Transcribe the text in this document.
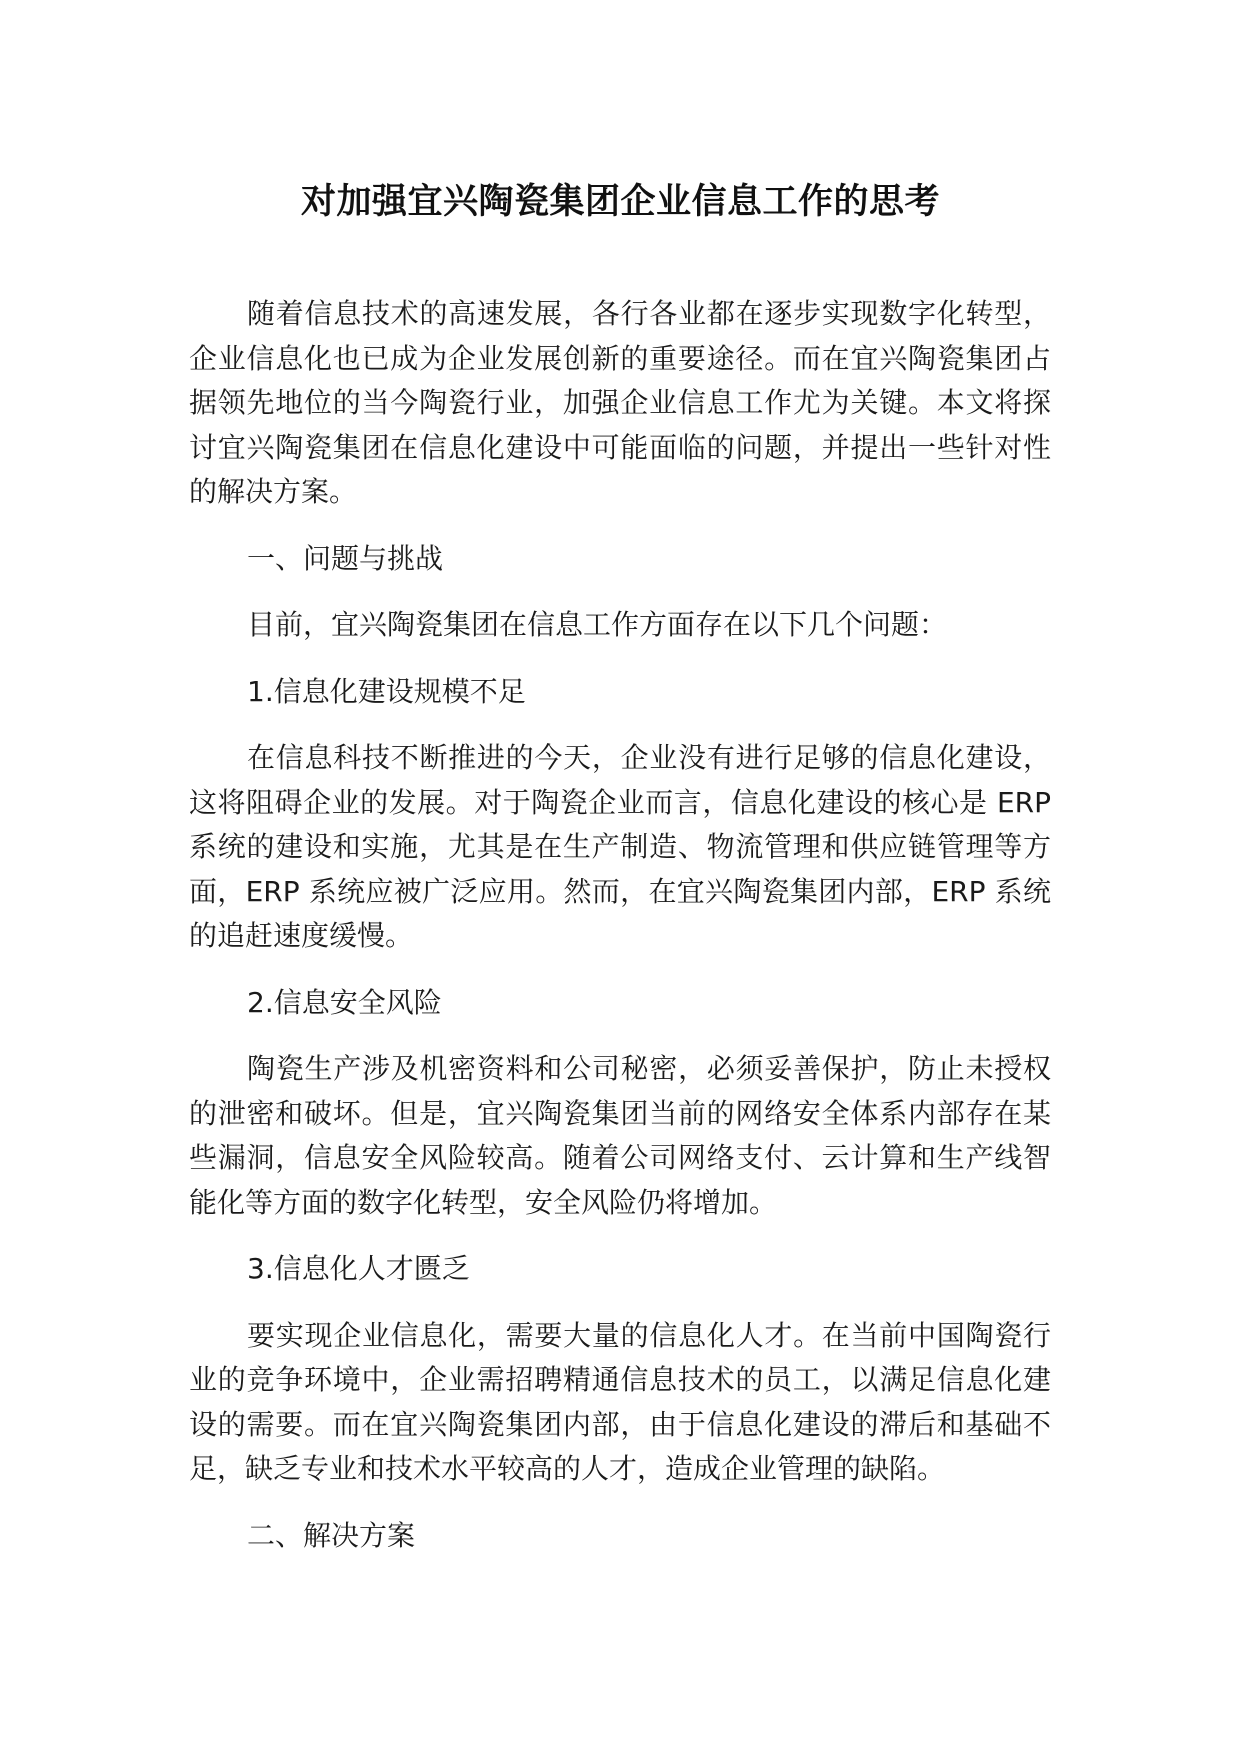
对加强宜兴陶瓷集团企业信息工作的思考

随着信息技术的高速发展，各行各业都在逐步实现数字化转型，企业信息化也已成为企业发展创新的重要途径。而在宜兴陶瓷集团占据领先地位的当今陶瓷行业，加强企业信息工作尤为关键。本文将探讨宜兴陶瓷集团在信息化建设中可能面临的问题，并提出一些针对性的解决方案。

一、问题与挑战

目前，宜兴陶瓷集团在信息工作方面存在以下几个问题：

1.信息化建设规模不足

在信息科技不断推进的今天，企业没有进行足够的信息化建设，这将阻碍企业的发展。对于陶瓷企业而言，信息化建设的核心是 ERP 系统的建设和实施，尤其是在生产制造、物流管理和供应链管理等方面，ERP 系统应被广泛应用。然而，在宜兴陶瓷集团内部，ERP 系统的追赶速度缓慢。

2.信息安全风险

陶瓷生产涉及机密资料和公司秘密，必须妥善保护，防止未授权的泄密和破坏。但是，宜兴陶瓷集团当前的网络安全体系内部存在某些漏洞，信息安全风险较高。随着公司网络支付、云计算和生产线智能化等方面的数字化转型，安全风险仍将增加。

3.信息化人才匮乏

要实现企业信息化，需要大量的信息化人才。在当前中国陶瓷行业的竞争环境中，企业需招聘精通信息技术的员工，以满足信息化建设的需要。而在宜兴陶瓷集团内部，由于信息化建设的滞后和基础不足，缺乏专业和技术水平较高的人才，造成企业管理的缺陷。

二、解决方案
